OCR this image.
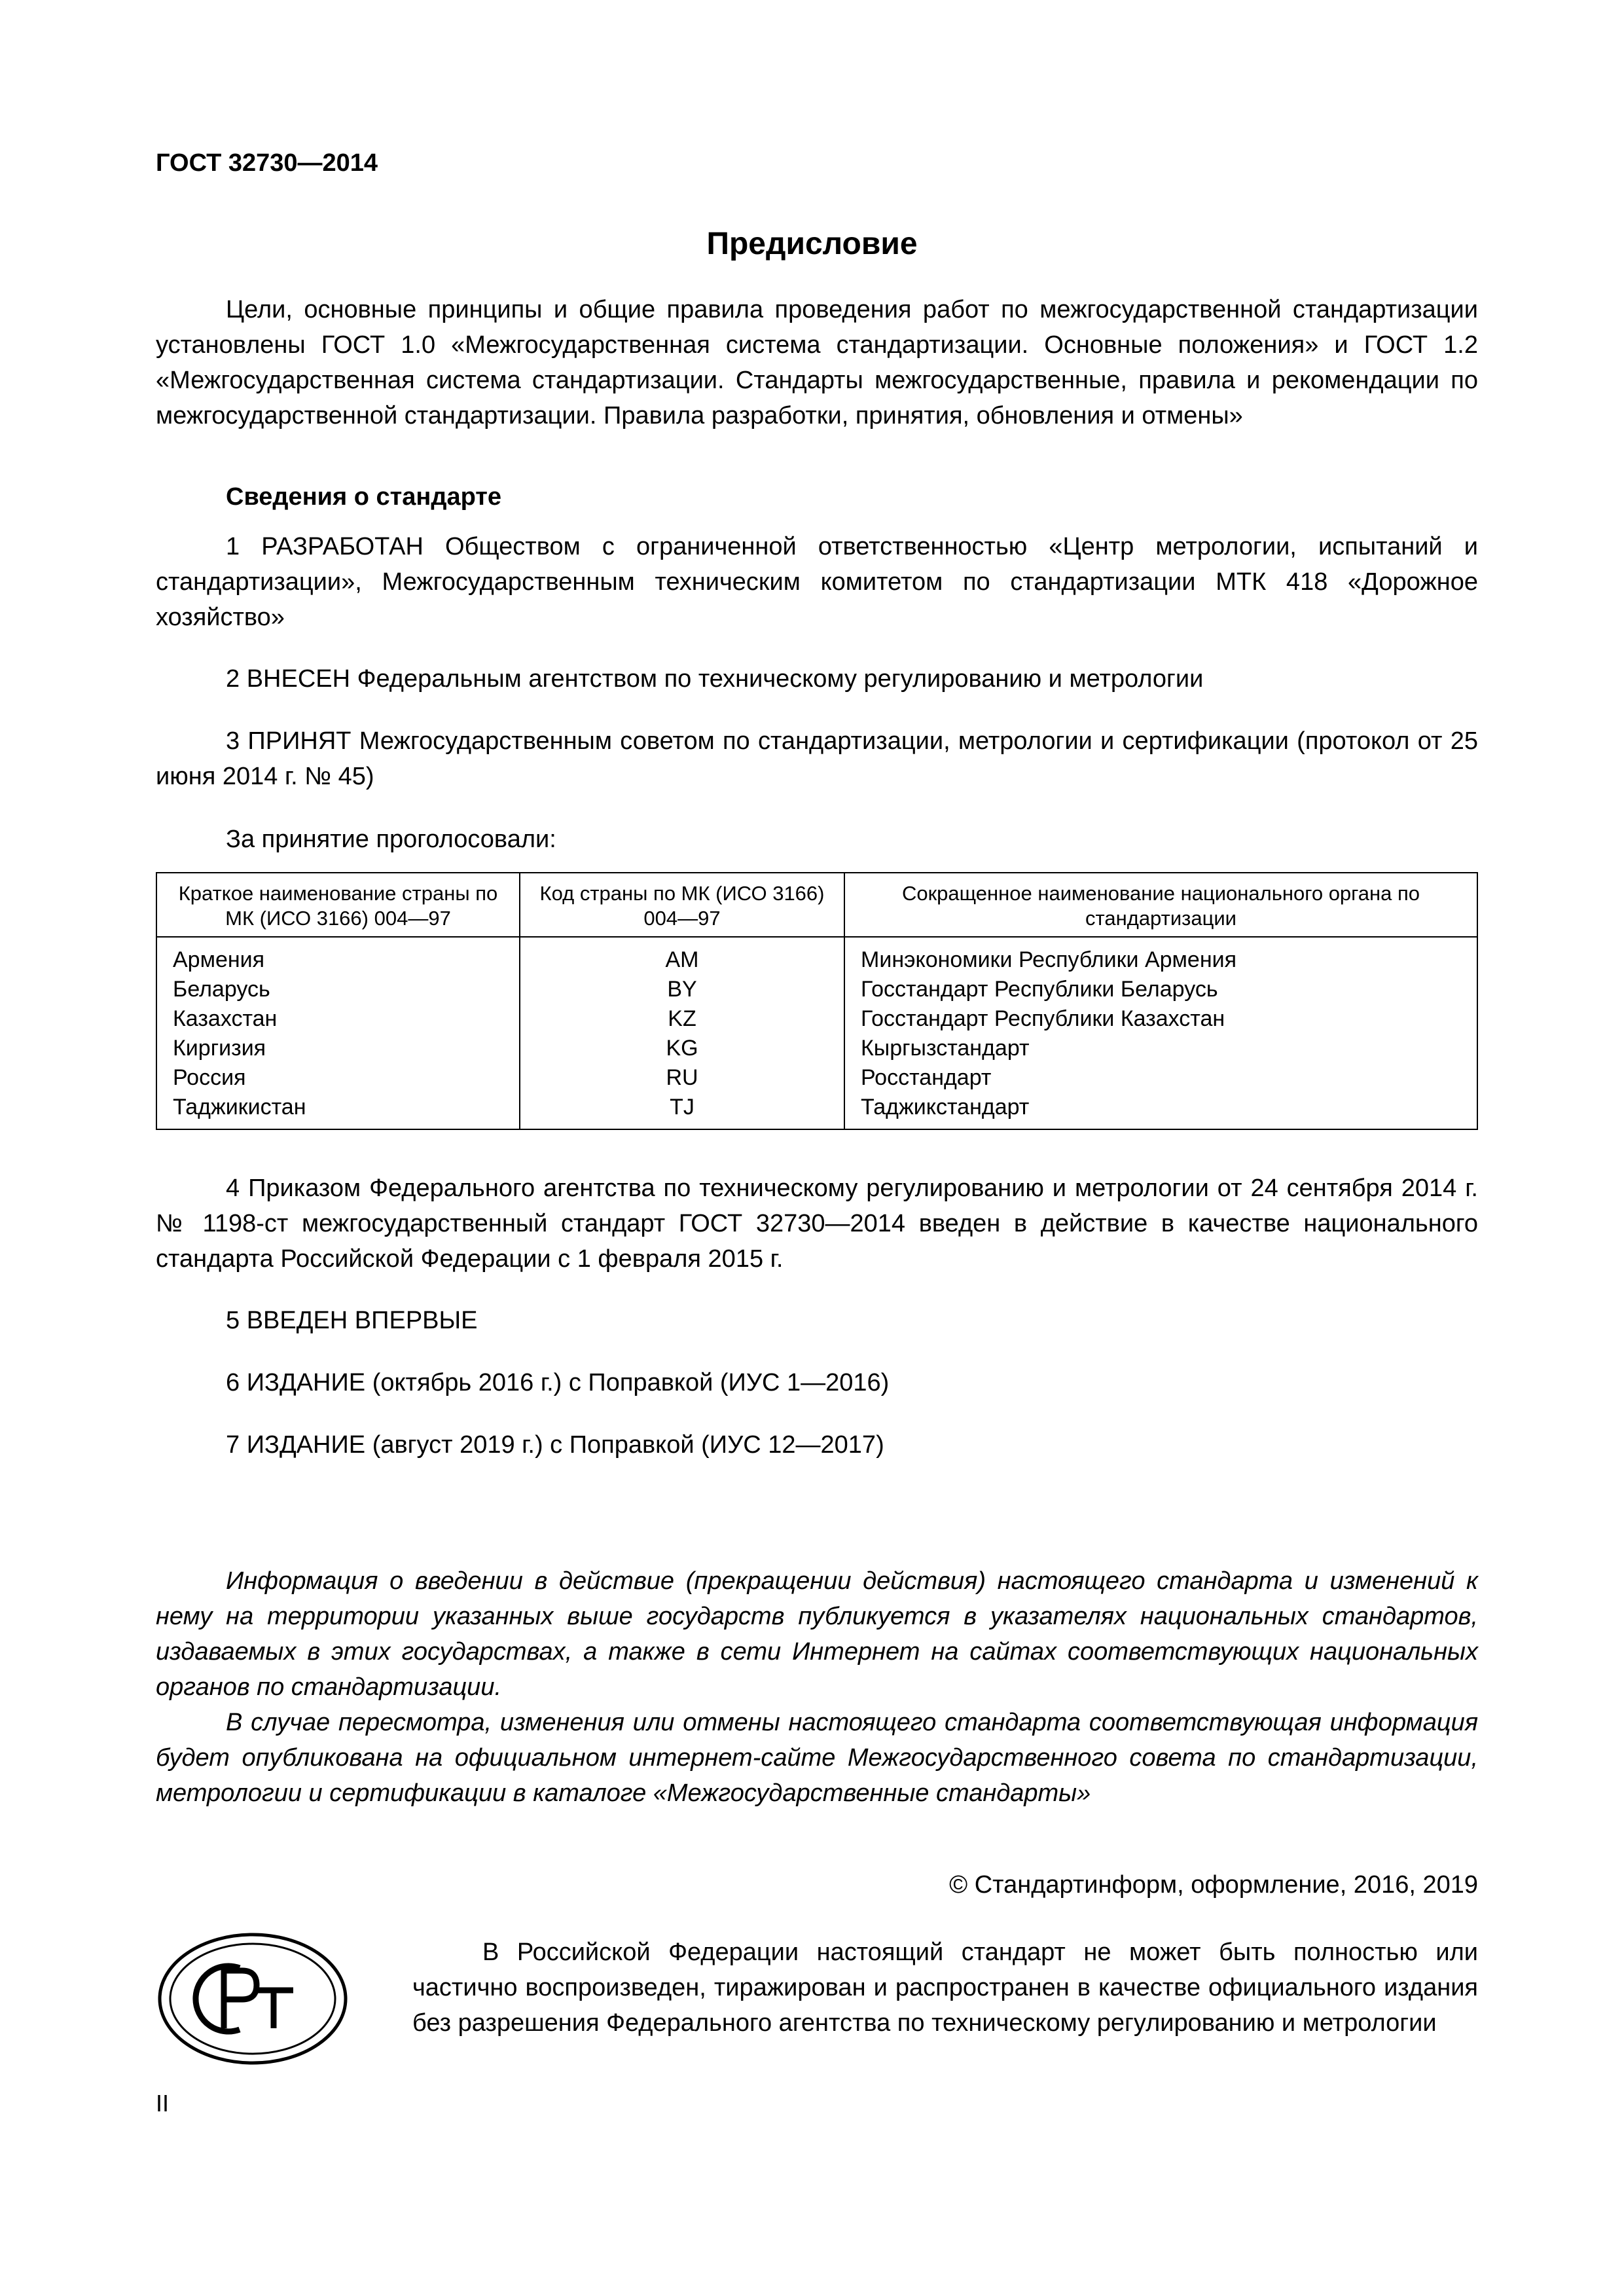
ГОСТ 32730—2014
Предисловие

Цели, основные принципы и общие правила проведения работ по межгосударственной стандартизации установлены ГОСТ 1.0 «Межгосударственная система стандартизации. Основные положения» и ГОСТ 1.2 «Межгосударственная система стандартизации. Стандарты межгосударственные, правила и рекомендации по межгосударственной стандартизации. Правила разработки, принятия, обновления и отмены»

Сведения о стандарте

1 РАЗРАБОТАН Обществом с ограниченной ответственностью «Центр метрологии, испытаний и стандартизации», Межгосударственным техническим комитетом по стандартизации МТК 418 «Дорожное хозяйство»

2 ВНЕСЕН Федеральным агентством по техническому регулированию и метрологии

3 ПРИНЯТ Межгосударственным советом по стандартизации, метрологии и сертификации (протокол от 25 июня 2014 г. № 45)

За принятие проголосовали:

Краткое наименование страны по МК (ИСО 3166) 004—97	Код страны по МК (ИСО 3166) 004—97	Сокращенное наименование национального органа по стандартизации
Армения	AM	Минэкономики Республики Армения
Беларусь	BY	Госстандарт Республики Беларусь
Казахстан	KZ	Госстандарт Республики Казахстан
Киргизия	KG	Кыргызстандарт
Россия	RU	Росстандарт
Таджикистан	TJ	Таджикстандарт

4 Приказом Федерального агентства по техническому регулированию и метрологии от 24 сентября 2014 г. № 1198-ст межгосударственный стандарт ГОСТ 32730—2014 введен в действие в качестве национального стандарта Российской Федерации с 1 февраля 2015 г.

5 ВВЕДЕН ВПЕРВЫЕ

6 ИЗДАНИЕ (октябрь 2016 г.) с Поправкой (ИУС 1—2016)

7 ИЗДАНИЕ (август 2019 г.) с Поправкой (ИУС 12—2017)

Информация о введении в действие (прекращении действия) настоящего стандарта и изменений к нему на территории указанных выше государств публикуется в указателях национальных стандартов, издаваемых в этих государствах, а также в сети Интернет на сайтах соответствующих национальных органов по стандартизации.

В случае пересмотра, изменения или отмены настоящего стандарта соответствующая информация будет опубликована на официальном интернет-сайте Межгосударственного совета по стандартизации, метрологии и сертификации в каталоге «Межгосударственные стандарты»

© Стандартинформ, оформление, 2016, 2019

В Российской Федерации настоящий стандарт не может быть полностью или частично воспроизведен, тиражирован и распространен в качестве официального издания без разрешения Федерального агентства по техническому регулированию и метрологии

II
